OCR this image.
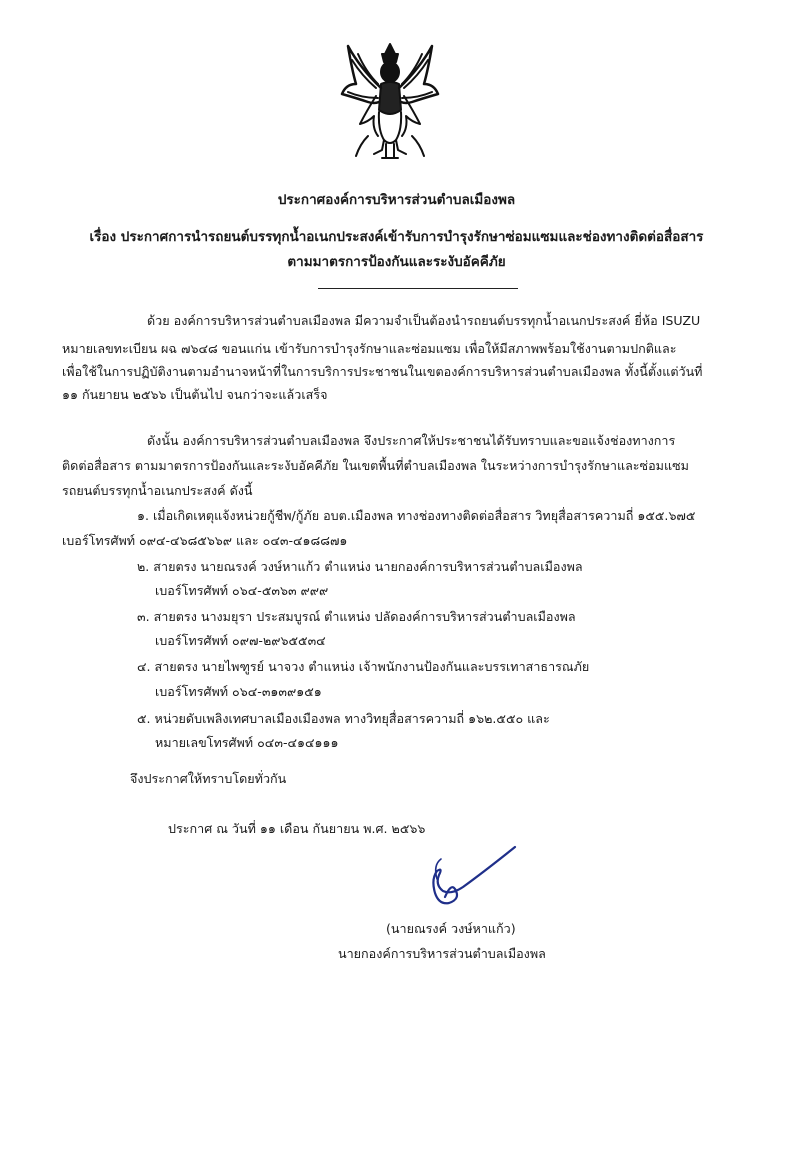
ประกาศองค์การบริหารส่วนตำบลเมืองพล
เรื่อง ประกาศการนำรถยนต์บรรทุกน้ำอเนกประสงค์เข้ารับการบำรุงรักษาซ่อมแซมและช่องทางติดต่อสื่อสาร
ตามมาตรการป้องกันและระงับอัคคีภัย
ด้วย องค์การบริหารส่วนตำบลเมืองพล มีความจำเป็นต้องนำรถยนต์บรรทุกน้ำอเนกประสงค์ ยี่ห้อ ISUZU
หมายเลขทะเบียน ผฉ ๗๖๔๘ ขอนแก่น เข้ารับการบำรุงรักษาและซ่อมแซม เพื่อให้มีสภาพพร้อมใช้งานตามปกติและ
เพื่อใช้ในการปฏิบัติงานตามอำนาจหน้าที่ในการบริการประชาชนในเขตองค์การบริหารส่วนตำบลเมืองพล ทั้งนี้ตั้งแต่วันที่
๑๑ กันยายน ๒๕๖๖ เป็นต้นไป จนกว่าจะแล้วเสร็จ
ดังนั้น องค์การบริหารส่วนตำบลเมืองพล จึงประกาศให้ประชาชนได้รับทราบและขอแจ้งช่องทางการ
ติดต่อสื่อสาร ตามมาตรการป้องกันและระงับอัคคีภัย ในเขตพื้นที่ตำบลเมืองพล ในระหว่างการบำรุงรักษาและซ่อมแซม
รถยนต์บรรทุกน้ำอเนกประสงค์ ดังนี้
๑. เมื่อเกิดเหตุแจ้งหน่วยกู้ชีพ/กู้ภัย อบต.เมืองพล ทางช่องทางติดต่อสื่อสาร วิทยุสื่อสารความถี่ ๑๕๕.๖๗๕
เบอร์โทรศัพท์ ๐๙๔-๔๖๘๕๖๖๙ และ ๐๔๓-๔๑๘๘๗๑
๒. สายตรง นายณรงค์ วงษ์หาแก้ว ตำแหน่ง นายกองค์การบริหารส่วนตำบลเมืองพล
เบอร์โทรศัพท์ ๐๖๔-๕๓๖๓ ๙๙๙
๓. สายตรง นางมยุรา ประสมบูรณ์ ตำแหน่ง ปลัดองค์การบริหารส่วนตำบลเมืองพล
เบอร์โทรศัพท์ ๐๙๗-๒๙๖๕๕๓๔
๔. สายตรง นายไพฑูรย์ นาจวง ตำแหน่ง เจ้าพนักงานป้องกันและบรรเทาสาธารณภัย
เบอร์โทรศัพท์ ๐๖๔-๓๑๓๙๑๕๑
๕. หน่วยดับเพลิงเทศบาลเมืองเมืองพล ทางวิทยุสื่อสารความถี่ ๑๖๒.๕๕๐ และ
หมายเลขโทรศัพท์ ๐๔๓-๔๑๔๑๑๑
จึงประกาศให้ทราบโดยทั่วกัน
ประกาศ ณ วันที่ ๑๑ เดือน กันยายน พ.ศ. ๒๕๖๖
(นายณรงค์ วงษ์หาแก้ว)
นายกองค์การบริหารส่วนตำบลเมืองพล
